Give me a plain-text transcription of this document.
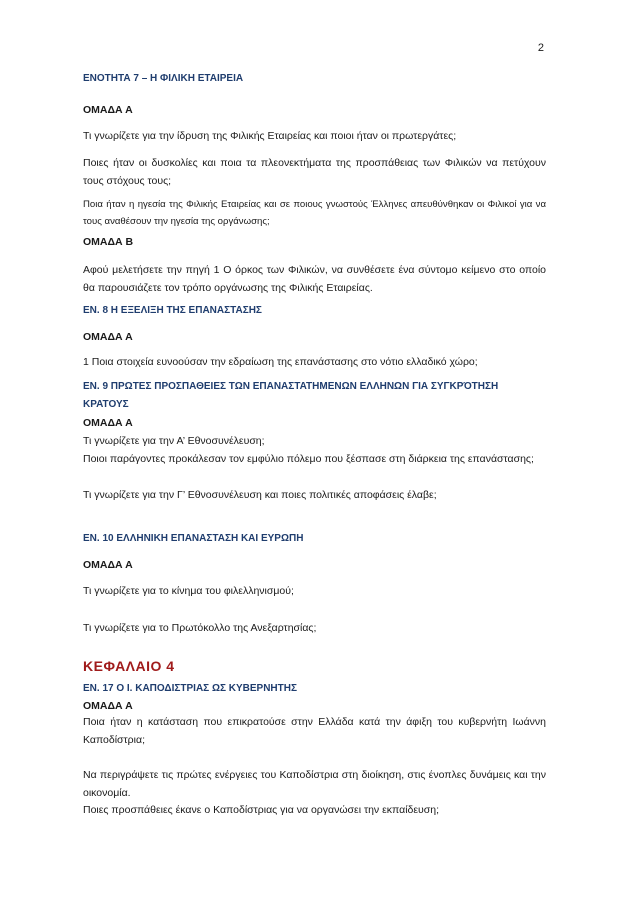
2
ΕΝΟΤΗΤΑ 7 – Η ΦΙΛΙΚΗ ΕΤΑΙΡΕΙΑ
ΟΜΑΔΑ Α
Τι γνωρίζετε για την ίδρυση της Φιλικής Εταιρείας και ποιοι ήταν οι πρωτεργάτες;
Ποιες ήταν οι δυσκολίες και ποια τα πλεονεκτήματα της προσπάθειας των Φιλικών να πετύχουν τους στόχους τους;
Ποια ήταν η ηγεσία της Φιλικής Εταιρείας και σε ποιους γνωστούς Έλληνες απευθύνθηκαν οι Φιλικοί για να τους αναθέσουν την ηγεσία της οργάνωσης;
ΟΜΑΔΑ Β
Αφού μελετήσετε την πηγή 1 Ο όρκος των Φιλικών, να συνθέσετε ένα σύντομο κείμενο στο οποίο θα παρουσιάζετε τον τρόπο οργάνωσης της Φιλικής Εταιρείας.
ΕΝ. 8 Η ΕΞΕΛΙΞΗ ΤΗΣ ΕΠΑΝΑΣΤΑΣΗΣ
ΟΜΑΔΑ Α
1 Ποια στοιχεία ευνοούσαν την εδραίωση της επανάστασης στο νότιο ελλαδικό χώρο;
ΕΝ. 9 ΠΡΩΤΕΣ ΠΡΟΣΠΑΘΕΙΕΣ ΤΩΝ ΕΠΑΝΑΣΤΑΤΗΜΕΝΩΝ ΕΛΛΗΝΩΝ ΓΙΑ ΣΥΓΚΡΌΤΗΣΗ ΚΡΑΤΟΥΣ
ΟΜΑΔΑ Α
Τι γνωρίζετε για την Α’ Εθνοσυνέλευση;
Ποιοι παράγοντες προκάλεσαν τον εμφύλιο πόλεμο που ξέσπασε στη διάρκεια της επανάστασης;
Τι γνωρίζετε για την Γ’ Εθνοσυνέλευση και ποιες πολιτικές αποφάσεις έλαβε;
ΕΝ. 10 ΕΛΛΗΝΙΚΗ ΕΠΑΝΑΣΤΑΣΗ ΚΑΙ ΕΥΡΩΠΗ
ΟΜΑΔΑ Α
Τι γνωρίζετε για το κίνημα του φιλελληνισμού;
Τι γνωρίζετε για το Πρωτόκολλο της Ανεξαρτησίας;
ΚΕΦΑΛΑΙΟ 4
ΕΝ. 17 Ο Ι. ΚΑΠΟΔΙΣΤΡΙΑΣ ΩΣ ΚΥΒΕΡΝΗΤΗΣ
ΟΜΑΔΑ Α
Ποια ήταν η κατάσταση που επικρατούσε στην Ελλάδα κατά την άφιξη του κυβερνήτη Ιωάννη Καποδίστρια;
Να περιγράψετε τις πρώτες ενέργειες του Καποδίστρια στη διοίκηση, στις ένοπλες δυνάμεις και την οικονομία.
Ποιες προσπάθειες έκανε ο Καποδίστριας για να οργανώσει την εκπαίδευση;
